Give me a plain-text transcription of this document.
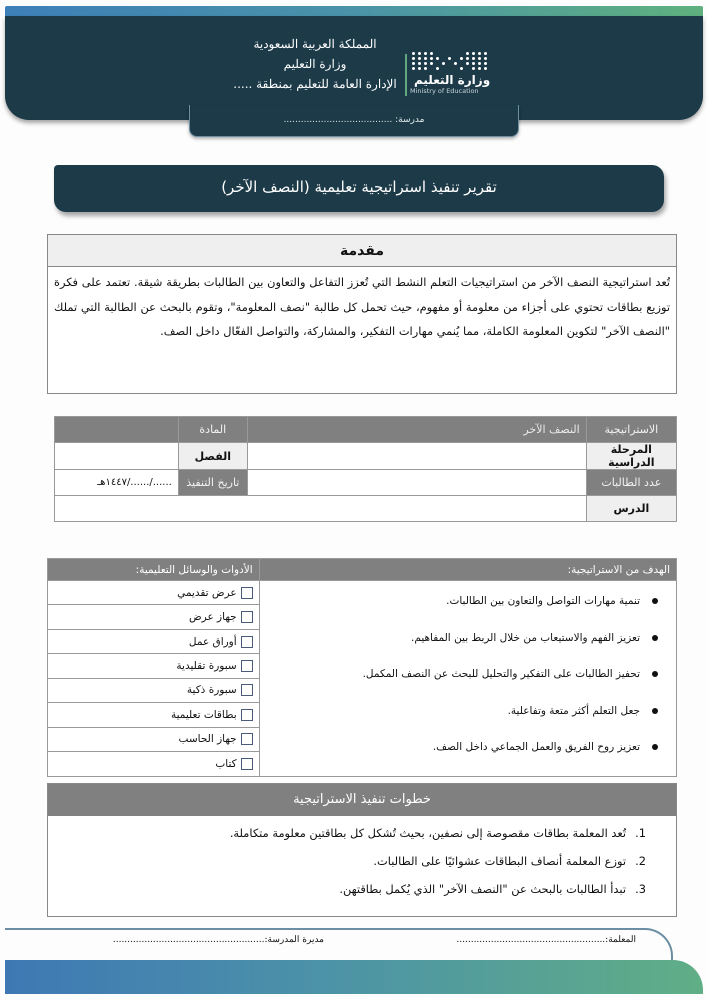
المملكة العربية السعودية
وزارة التعليم
الإدارة العامة للتعليم بمنطقة .....	وزارة التعليم
Ministry of Education
مدرسة: ......................................
تقرير تنفيذ استراتيجية تعليمية (النصف الآخر)
مقدمة
تُعد استراتيجية النصف الآخر من استراتيجيات التعلم النشط التي تُعزز التفاعل والتعاون بين الطالبات بطريقة شيقة. تعتمد على فكرة توزيع بطاقات تحتوي على أجزاء من معلومة أو مفهوم، حيث تحمل كل طالبة "نصف المعلومة"، وتقوم بالبحث عن الطالبة التي تملك "النصف الآخر" لتكوين المعلومة الكاملة، مما يُنمي مهارات التفكير، والمشاركة، والتواصل الفعّال داخل الصف.
الاستراتيجية	النصف الآخر	المادة	
المرحلة الدراسية		الفصل	
عدد الطالبات		تاريخ التنفيذ	....../....../١٤٤٧هـ
الدرس			
الهدف من الاستراتيجية:	الأدوات والوسائل التعليمية:

تنمية مهارات التواصل والتعاون بين الطالبات.
تعزيز الفهم والاستيعاب من خلال الربط بين المفاهيم.
تحفيز الطالبات على التفكير والتحليل للبحث عن النصف المكمل.
جعل التعلم أكثر متعة وتفاعلية.
تعزيز روح الفريق والعمل الجماعي داخل الصف.
	عرض تقديمي
	جهاز عرض
	أوراق عمل
	سبورة تقليدية
	سبورة ذكية
	بطاقات تعليمية
	جهاز الحاسب
	كتاب
خطوات تنفيذ الاستراتيجية
1.تُعد المعلمة بطاقات مقصوصة إلى نصفين، بحيث تُشكل كل بطاقتين معلومة متكاملة.
2.توزع المعلمة أنصاف البطاقات عشوائيًا على الطالبات.
3.تبدأ الطالبات بالبحث عن "النصف الآخر" الذي يُكمل بطاقتهن.
المعلمة:....................................................
مديرة المدرسة:.....................................................
